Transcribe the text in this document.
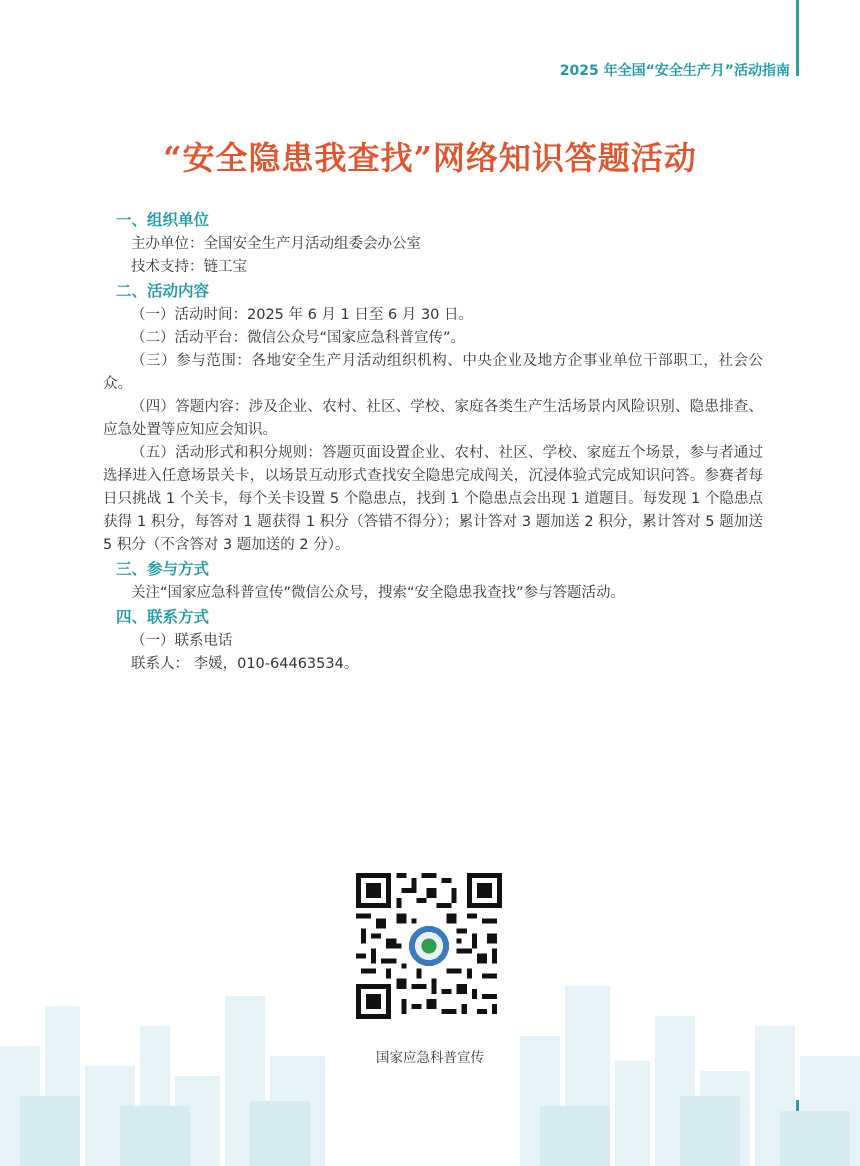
2025 年全国“安全生产月”活动指南
“安全隐患我查找”网络知识答题活动
一、组织单位
主办单位：全国安全生产月活动组委会办公室
技术支持：链工宝
二、活动内容
（一）活动时间：2025 年 6 月 1 日至 6 月 30 日。
（二）活动平台：微信公众号“国家应急科普宣传”。
（三）参与范围：各地安全生产月活动组织机构、中央企业及地方企事业单位干部职工，社会公众。
（四）答题内容：涉及企业、农村、社区、学校、家庭各类生产生活场景内风险识别、隐患排查、应急处置等应知应会知识。
（五）活动形式和积分规则：答题页面设置企业、农村、社区、学校、家庭五个场景，参与者通过选择进入任意场景关卡，以场景互动形式查找安全隐患完成闯关，沉浸体验式完成知识问答。参赛者每日只挑战 1 个关卡，每个关卡设置 5 个隐患点，找到 1 个隐患点会出现 1 道题目。每发现 1 个隐患点获得 1 积分，每答对 1 题获得 1 积分（答错不得分）；累计答对 3 题加送 2 积分，累计答对 5 题加送 5 积分（不含答对 3 题加送的 2 分）。
三、参与方式
关注“国家应急科普宣传”微信公众号，搜索“安全隐患我查找”参与答题活动。
四、联系方式
（一）联系电话
联系人： 李媛，010-64463534。
国家应急科普宣传
